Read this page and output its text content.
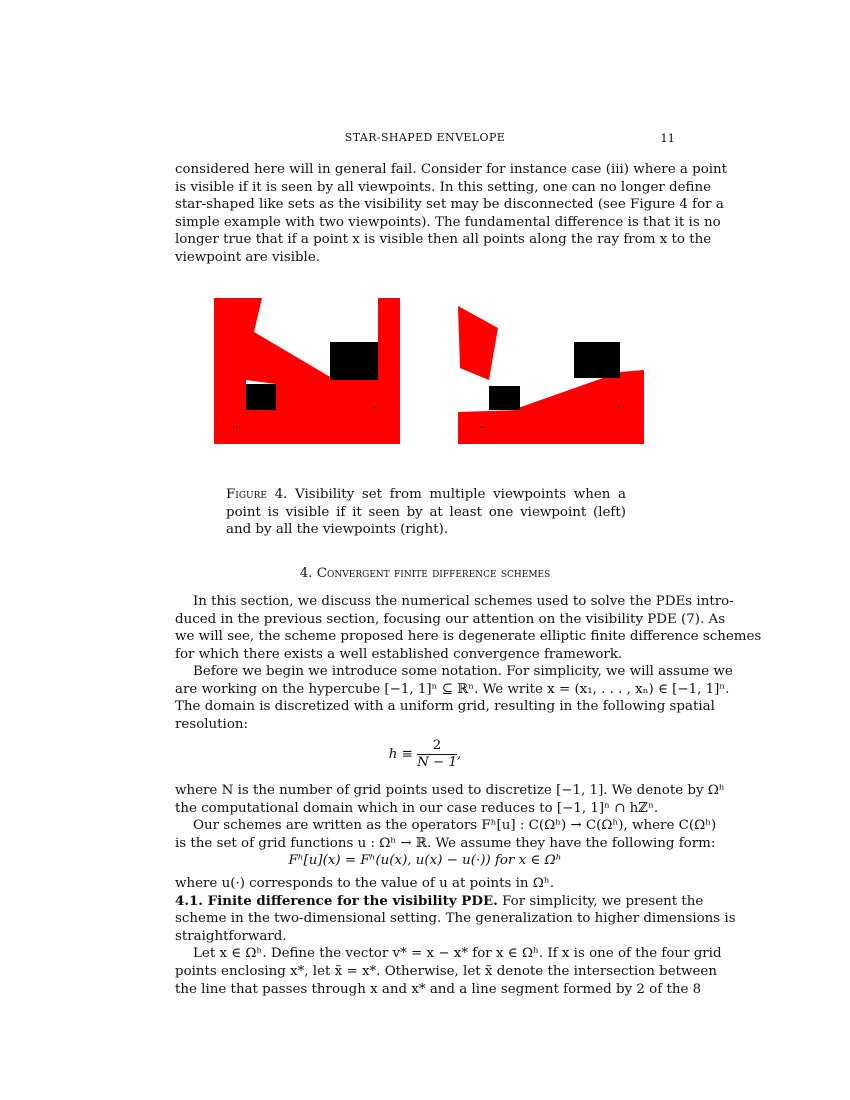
STAR-SHAPED ENVELOPE	11
considered here will in general fail. Consider for instance case (iii) where a point
is visible if it is seen by all viewpoints. In this setting, one can no longer define
star-shaped like sets as the visibility set may be disconnected (see Figure 4 for a
simple example with two viewpoints). The fundamental difference is that it is no
longer true that if a point x is visible then all points along the ray from x to the
viewpoint are visible.
Figure 4. Visibility set from multiple viewpoints when a point is visible if it seen by at least one viewpoint (left) and by all the viewpoints (right).
4. Convergent finite difference schemes
In this section, we discuss the numerical schemes used to solve the PDEs intro-
duced in the previous section, focusing our attention on the visibility PDE (7). As
we will see, the scheme proposed here is degenerate elliptic finite difference schemes
for which there exists a well established convergence framework.
Before we begin we introduce some notation. For simplicity, we will assume we
are working on the hypercube [−1, 1]ⁿ ⊆ ℝⁿ. We write x = (x₁, . . . , xₙ) ∈ [−1, 1]ⁿ.
The domain is discretized with a uniform grid, resulting in the following spatial
resolution:
$h \equiv \frac{2}{N - 1}$ ,
where N is the number of grid points used to discretize [−1, 1]. We denote by Ωʰ
the computational domain which in our case reduces to [−1, 1]ⁿ ∩ hℤⁿ.
Our schemes are written as the operators Fʰ[u] : C(Ωʰ) → C(Ωʰ), where C(Ωʰ)
is the set of grid functions u : Ωʰ → ℝ. We assume they have the following form:
Fʰ[u](x) = Fʰ(u(x), u(x) − u(·)) for x ∈ Ωʰ
where u(·) corresponds to the value of u at points in Ωʰ.
4.1. Finite difference for the visibility PDE. For simplicity, we present the
scheme in the two-dimensional setting. The generalization to higher dimensions is
straightforward.
Let x ∈ Ωʰ. Define the vector v* = x − x* for x ∈ Ωʰ. If x is one of the four grid
points enclosing x*, let x̃ = x*. Otherwise, let x̃ denote the intersection between
the line that passes through x and x* and a line segment formed by 2 of the 8
